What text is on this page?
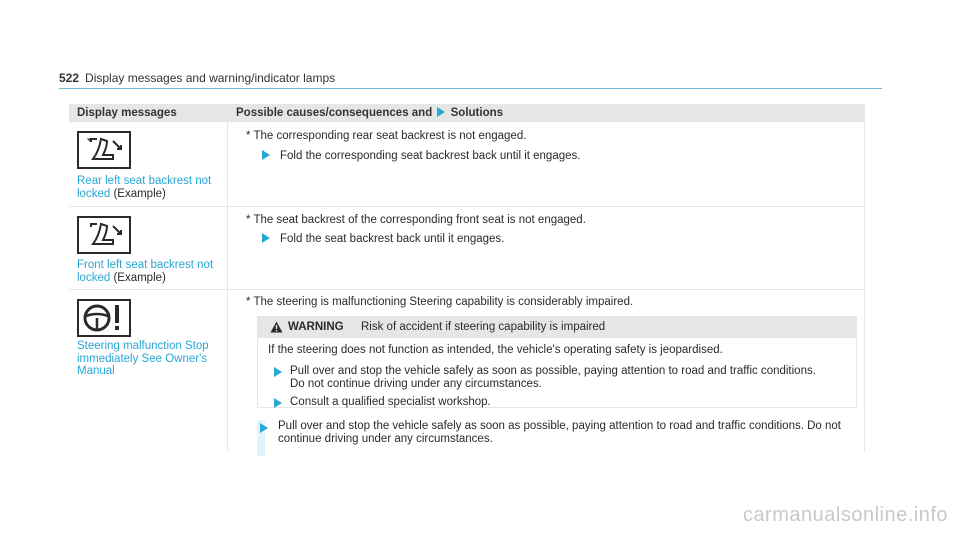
522 Display messages and warning/indicator lamps
Display messages	Possible causes/consequences and Solutions
Rear left seat backrest not locked (Example)
* The corresponding rear seat backrest is not engaged.
Fold the corresponding seat backrest back until it engages.
Front left seat backrest not locked (Example)
* The seat backrest of the corresponding front seat is not engaged.
Fold the seat backrest back until it engages.
Steering malfunction Stop immediately See Owner's Manual
* The steering is malfunctioning Steering capability is considerably impaired.
WARNING Risk of accident if steering capability is impaired
If the steering does not function as intended, the vehicle's operating safety is jeopardised.
Pull over and stop the vehicle safely as soon as possible, paying attention to road and traffic conditions.
Do not continue driving under any circumstances.
Consult a qualified specialist workshop.
Pull over and stop the vehicle safely as soon as possible, paying attention to road and traffic conditions. Do not
continue driving under any circumstances.
carmanualsonline.info
